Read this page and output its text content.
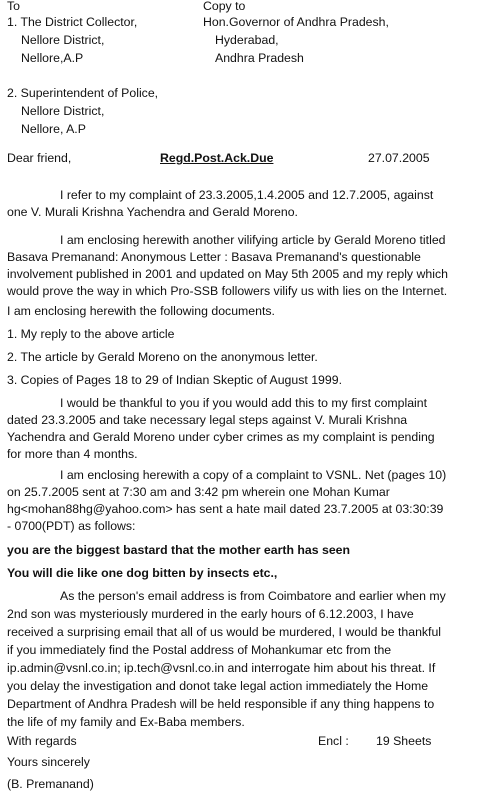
To	Copy to
1. The District Collector,
Nellore District,
Nellore,A.P
Hon.Governor of Andhra Pradesh,
Hyderabad,
Andhra Pradesh
2. Superintendent of Police,
Nellore District,
Nellore, A.P
Dear friend,	Regd.Post.Ack.Due	27.07.2005
I refer to my complaint of 23.3.2005,1.4.2005 and 12.7.2005, against
one V. Murali Krishna Yachendra and Gerald Moreno.
I am enclosing herewith another vilifying article by Gerald Moreno titled
Basava Premanand: Anonymous Letter : Basava Premanand's questionable
involvement published in 2001 and updated on May 5th 2005 and my reply which
would prove the way in which Pro-SSB followers vilify us with lies on the Internet.
I am enclosing herewith the following documents.
1. My reply to the above article
2. The article by Gerald Moreno on the anonymous letter.
3. Copies of Pages 18 to 29 of Indian Skeptic of August 1999.
I would be thankful to you if you would add this to my first complaint
dated 23.3.2005 and take necessary legal steps against V. Murali Krishna
Yachendra and Gerald Moreno under cyber crimes as my complaint is pending
for more than 4 months.
I am enclosing herewith a copy of a complaint to VSNL. Net (pages 10)
on 25.7.2005 sent at 7:30 am and 3:42 pm wherein one Mohan Kumar
hg<mohan88hg@yahoo.com> has sent a hate mail dated 23.7.2005 at 03:30:39
- 0700(PDT) as follows:
you are the biggest bastard that the mother earth has seen
You will die like one dog bitten by insects etc.,
As the person's email address is from Coimbatore and earlier when my
2nd son was mysteriously murdered in the early hours of 6.12.2003, I have
received a surprising email that all of us would be murdered, I would be thankful
if you immediately find the Postal address of Mohankumar etc from the
ip.admin@vsnl.co.in; ip.tech@vsnl.co.in and interrogate him about his threat. If
you delay the investigation and donot take legal action immediately the Home
Department of Andhra Pradesh will be held responsible if any thing happens to
the life of my family and Ex-Baba members.
With regards	Encl : 19 Sheets
Yours sincerely
(B. Premanand)
